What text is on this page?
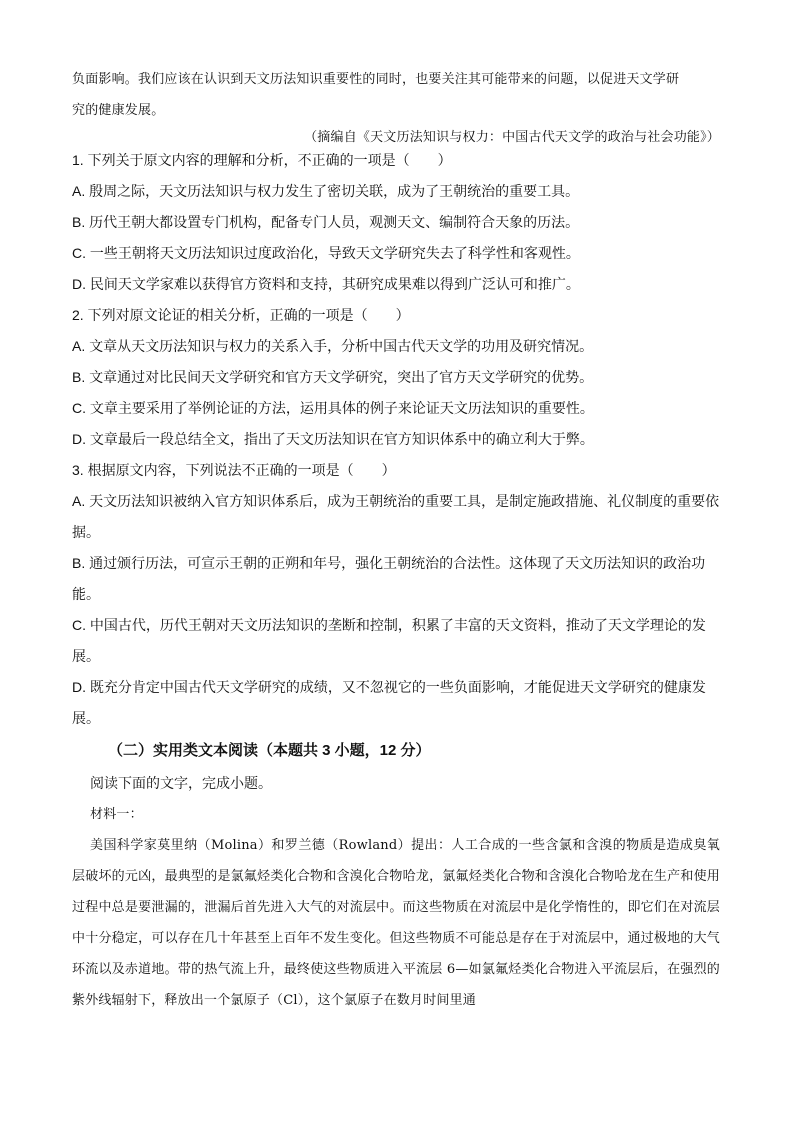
负面影响。我们应该在认识到天文历法知识重要性的同时，也要关注其可能带来的问题，以促进天文学研
究的健康发展。
（摘编自《天文历法知识与权力：中国古代天文学的政治与社会功能》）
1. 下列关于原文内容的理解和分析，不正确的一项是（　　）
A. 殷周之际，天文历法知识与权力发生了密切关联，成为了王朝统治的重要工具。
B. 历代王朝大都设置专门机构，配备专门人员，观测天文、编制符合天象的历法。
C. 一些王朝将天文历法知识过度政治化，导致天文学研究失去了科学性和客观性。
D. 民间天文学家难以获得官方资料和支持，其研究成果难以得到广泛认可和推广。
2. 下列对原文论证的相关分析，正确的一项是（　　）
A. 文章从天文历法知识与权力的关系入手，分析中国古代天文学的功用及研究情况。
B. 文章通过对比民间天文学研究和官方天文学研究，突出了官方天文学研究的优势。
C. 文章主要采用了举例论证的方法，运用具体的例子来论证天文历法知识的重要性。
D. 文章最后一段总结全文，指出了天文历法知识在官方知识体系中的确立利大于弊。
3. 根据原文内容，下列说法不正确的一项是（　　）
A. 天文历法知识被纳入官方知识体系后，成为王朝统治的重要工具，是制定施政措施、礼仪制度的重要依据。
B. 通过颁行历法，可宣示王朝的正朔和年号，强化王朝统治的合法性。这体现了天文历法知识的政治功能。
C. 中国古代，历代王朝对天文历法知识的垄断和控制，积累了丰富的天文资料，推动了天文学理论的发展。
D. 既充分肯定中国古代天文学研究的成绩，又不忽视它的一些负面影响，才能促进天文学研究的健康发展。
（二）实用类文本阅读（本题共 3 小题，12 分）
阅读下面的文字，完成小题。
材料一：
美国科学家莫里纳（Molina）和罗兰德（Rowland）提出：人工合成的一些含氯和含溴的物质是造成臭氧层破坏的元凶，最典型的是氯氟烃类化合物和含溴化合物哈龙，氯氟烃类化合物和含溴化合物哈龙在生产和使用过程中总是要泄漏的，泄漏后首先进入大气的对流层中。而这些物质在对流层中是化学惰性的，即它们在对流层中十分稳定，可以存在几十年甚至上百年不发生变化。但这些物质不可能总是存在于对流层中，通过极地的大气环流以及赤道地。带的热气流上升，最终使这些物质进入平流层 6—如氯氟烃类化合物进入平流层后，在强烈的紫外线辐射下，释放出一个氯原子（Cl），这个氯原子在数月时间里通
